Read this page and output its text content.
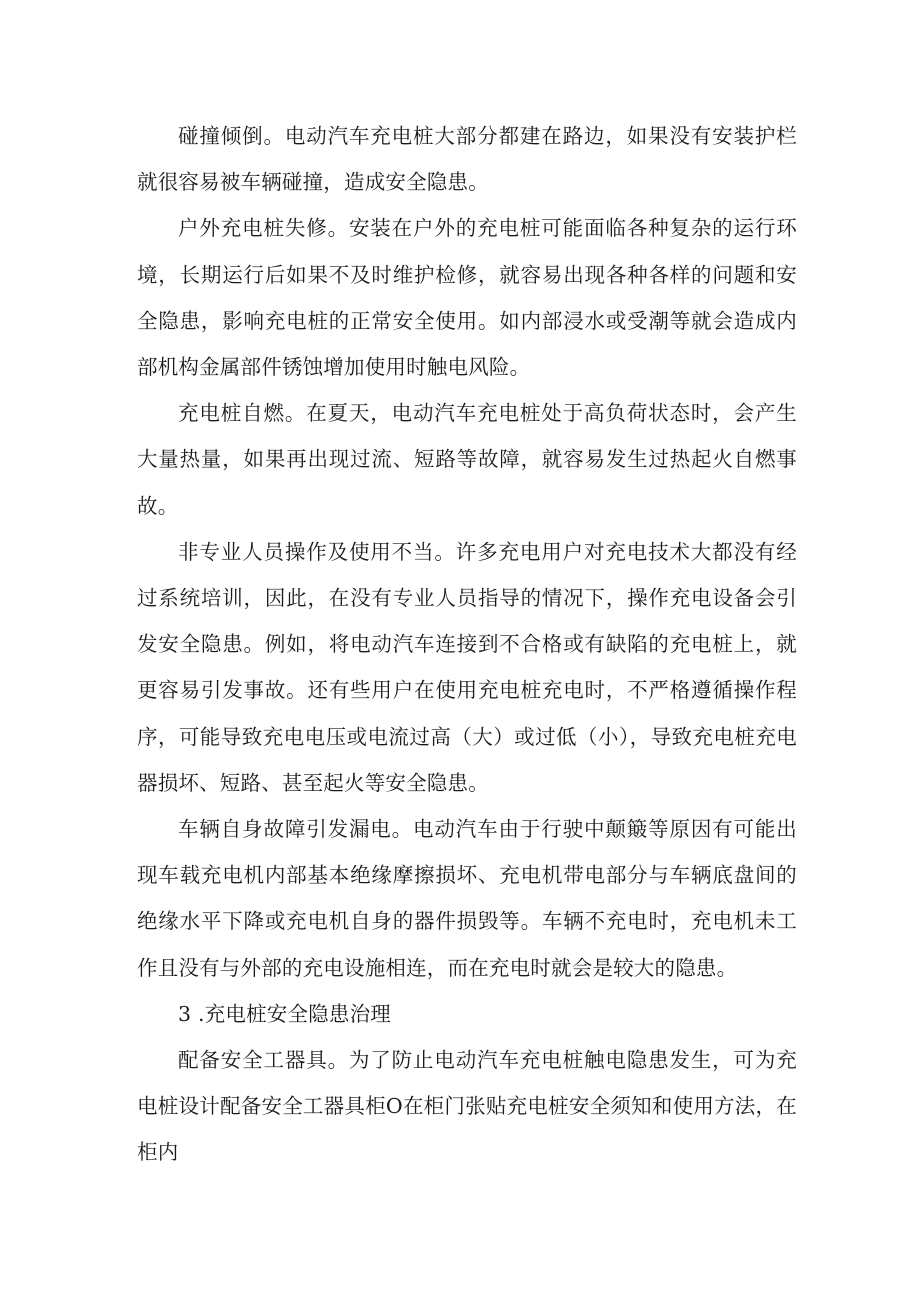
碰撞倾倒。电动汽车充电桩大部分都建在路边，如果没有安装护栏就很容易被车辆碰撞，造成安全隐患。

户外充电桩失修。安装在户外的充电桩可能面临各种复杂的运行环境，长期运行后如果不及时维护检修，就容易出现各种各样的问题和安全隐患，影响充电桩的正常安全使用。如内部浸水或受潮等就会造成内部机构金属部件锈蚀增加使用时触电风险。

充电桩自燃。在夏天，电动汽车充电桩处于高负荷状态时，会产生大量热量，如果再出现过流、短路等故障，就容易发生过热起火自燃事故。

非专业人员操作及使用不当。许多充电用户对充电技术大都没有经过系统培训，因此，在没有专业人员指导的情况下，操作充电设备会引发安全隐患。例如，将电动汽车连接到不合格或有缺陷的充电桩上，就更容易引发事故。还有些用户在使用充电桩充电时，不严格遵循操作程序，可能导致充电电压或电流过高（大）或过低（小），导致充电桩充电器损坏、短路、甚至起火等安全隐患。

车辆自身故障引发漏电。电动汽车由于行驶中颠簸等原因有可能出现车载充电机内部基本绝缘摩擦损坏、充电机带电部分与车辆底盘间的绝缘水平下降或充电机自身的器件损毁等。车辆不充电时，充电机未工作且没有与外部的充电设施相连，而在充电时就会是较大的隐患。

3 .充电桩安全隐患治理

配备安全工器具。为了防止电动汽车充电桩触电隐患发生，可为充电桩设计配备安全工器具柜O在柜门张贴充电桩安全须知和使用方法，在柜内
